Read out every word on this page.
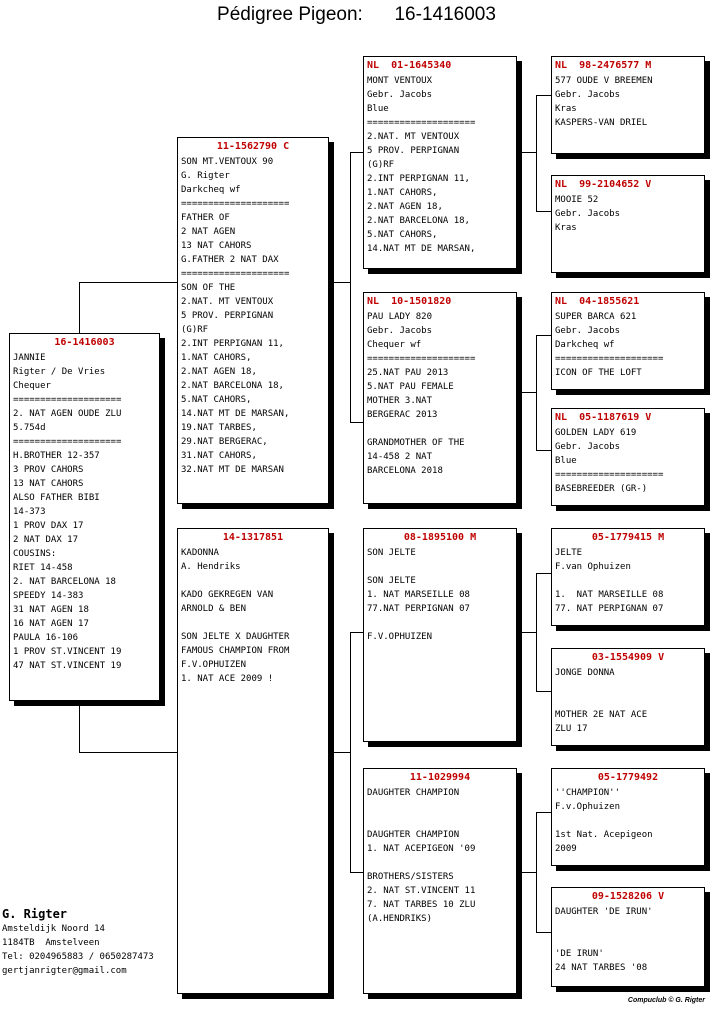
Pédigree Pigeon:      16-1416003
16-1416003
JANNIE
Rigter / De Vries
Chequer
====================
2. NAT AGEN OUDE ZLU
5.754d
====================
H.BROTHER 12-357
3 PROV CAHORS
13 NAT CAHORS
ALSO FATHER BIBI
14-373
1 PROV DAX 17
2 NAT DAX 17
COUSINS:
RIET 14-458
2. NAT BARCELONA 18
SPEEDY 14-383
31 NAT AGEN 18
16 NAT AGEN 17
PAULA 16-106
1 PROV ST.VINCENT 19
47 NAT ST.VINCENT 19
11-1562790 C
SON MT.VENTOUX 90
G. Rigter
Darkcheq wf
====================
FATHER OF
2 NAT AGEN
13 NAT CAHORS
G.FATHER 2 NAT DAX
====================
SON OF THE
2.NAT. MT VENTOUX
5 PROV. PERPIGNAN
(G)RF
2.INT PERPIGNAN 11,
1.NAT CAHORS,
2.NAT AGEN 18,
2.NAT BARCELONA 18,
5.NAT CAHORS,
14.NAT MT DE MARSAN,
19.NAT TARBES,
29.NAT BERGERAC,
31.NAT CAHORS,
32.NAT MT DE MARSAN
14-1317851
KADONNA
A. Hendriks
KADO GEKREGEN VAN
ARNOLD & BEN
SON JELTE X DAUGHTER
FAMOUS CHAMPION FROM
F.V.OPHUIZEN
1. NAT ACE 2009 !
NL  01-1645340
MONT VENTOUX
Gebr. Jacobs
Blue
====================
2.NAT. MT VENTOUX
5 PROV. PERPIGNAN
(G)RF
2.INT PERPIGNAN 11,
1.NAT CAHORS,
2.NAT AGEN 18,
2.NAT BARCELONA 18,
5.NAT CAHORS,
14.NAT MT DE MARSAN,
NL  10-1501820
PAU LADY 820
Gebr. Jacobs
Chequer wf
====================
25.NAT PAU 2013
5.NAT PAU FEMALE
MOTHER 3.NAT
BERGERAC 2013
GRANDMOTHER OF THE
14-458 2 NAT
BARCELONA 2018
08-1895100 M
SON JELTE
SON JELTE
1. NAT MARSEILLE 08
77.NAT PERPIGNAN 07
F.V.OPHUIZEN
11-1029994
DAUGHTER CHAMPION
DAUGHTER CHAMPION
1. NAT ACEPIGEON '09
BROTHERS/SISTERS
2. NAT ST.VINCENT 11
7. NAT TARBES 10 ZLU
(A.HENDRIKS)
NL  98-2476577 M
577 OUDE V BREEMEN
Gebr. Jacobs
Kras
KASPERS-VAN DRIEL
NL  99-2104652 V
MOOIE 52
Gebr. Jacobs
Kras
NL  04-1855621
SUPER BARCA 621
Gebr. Jacobs
Darkcheq wf
====================
ICON OF THE LOFT
NL  05-1187619 V
GOLDEN LADY 619
Gebr. Jacobs
Blue
====================
BASEBREEDER (GR-)
05-1779415 M
JELTE
F.van Ophuizen
1.  NAT MARSEILLE 08
77. NAT PERPIGNAN 07
03-1554909 V
JONGE DONNA
MOTHER 2E NAT ACE
ZLU 17
05-1779492
''CHAMPION''
F.v.Ophuizen
1st Nat. Acepigeon
2009
09-1528206 V
DAUGHTER 'DE IRUN'
'DE IRUN'
24 NAT TARBES '08
G. Rigter
Amsteldijk Noord 14
1184TB  Amstelveen
Tel: 0204965883 / 0650287473
gertjanrigter@gmail.com
Compuclub © G. Rigter
